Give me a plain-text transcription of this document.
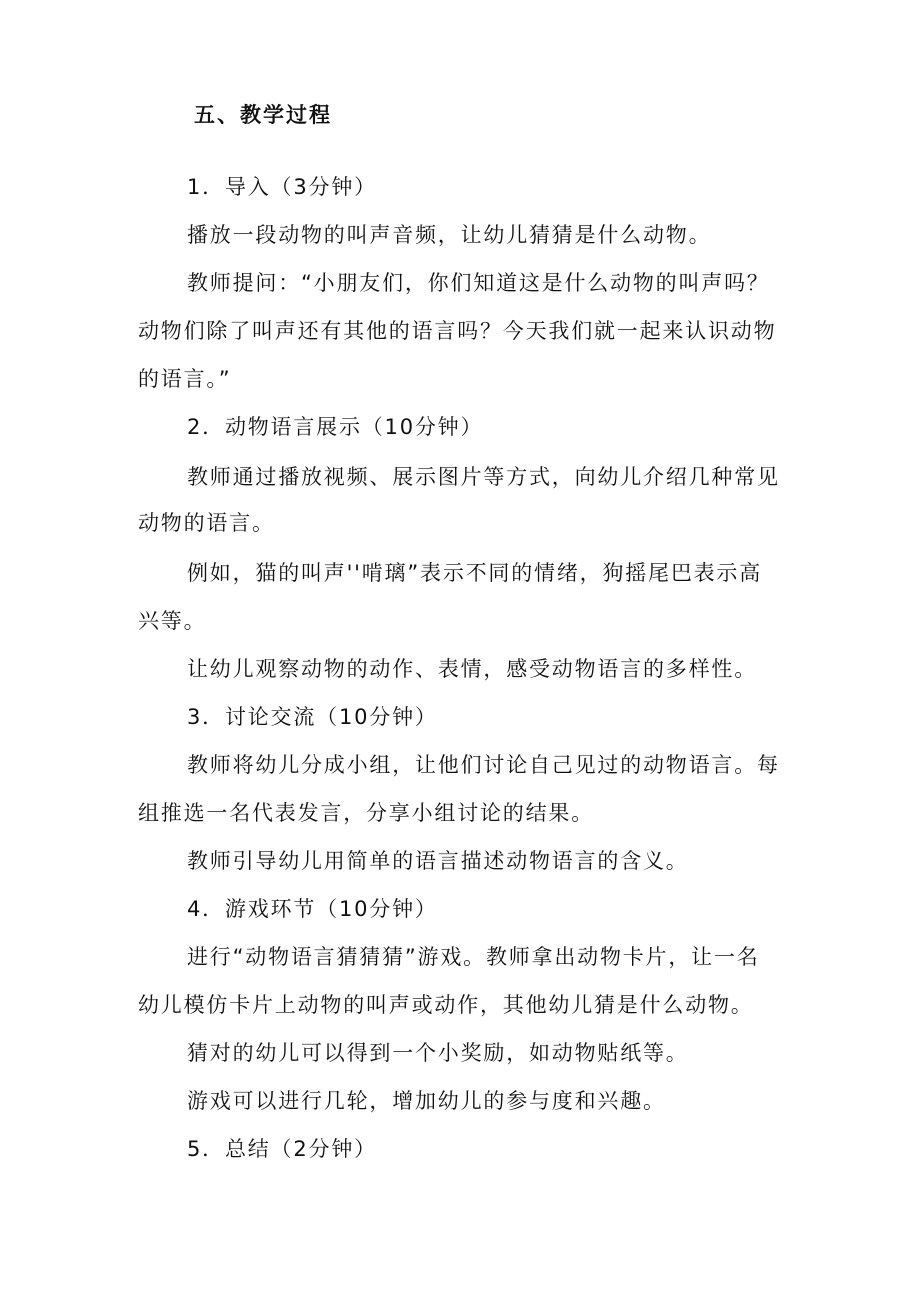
五、教学过程
1．导入（3分钟）
播放一段动物的叫声音频，让幼儿猜猜是什么动物。
教师提问：“小朋友们，你们知道这是什么动物的叫声吗？
动物们除了叫声还有其他的语言吗？今天我们就一起来认识动物
的语言。”
2．动物语言展示（10分钟）
教师通过播放视频、展示图片等方式，向幼儿介绍几种常见
动物的语言。
例如，猫的叫声''啃璃”表示不同的情绪，狗摇尾巴表示高
兴等。
让幼儿观察动物的动作、表情，感受动物语言的多样性。
3．讨论交流（10分钟）
教师将幼儿分成小组，让他们讨论自己见过的动物语言。每
组推选一名代表发言，分享小组讨论的结果。
教师引导幼儿用简单的语言描述动物语言的含义。
4．游戏环节（10分钟）
进行“动物语言猜猜猜”游戏。教师拿出动物卡片，让一名
幼儿模仿卡片上动物的叫声或动作，其他幼儿猜是什么动物。
猜对的幼儿可以得到一个小奖励，如动物贴纸等。
游戏可以进行几轮，增加幼儿的参与度和兴趣。
5．总结（2分钟）
